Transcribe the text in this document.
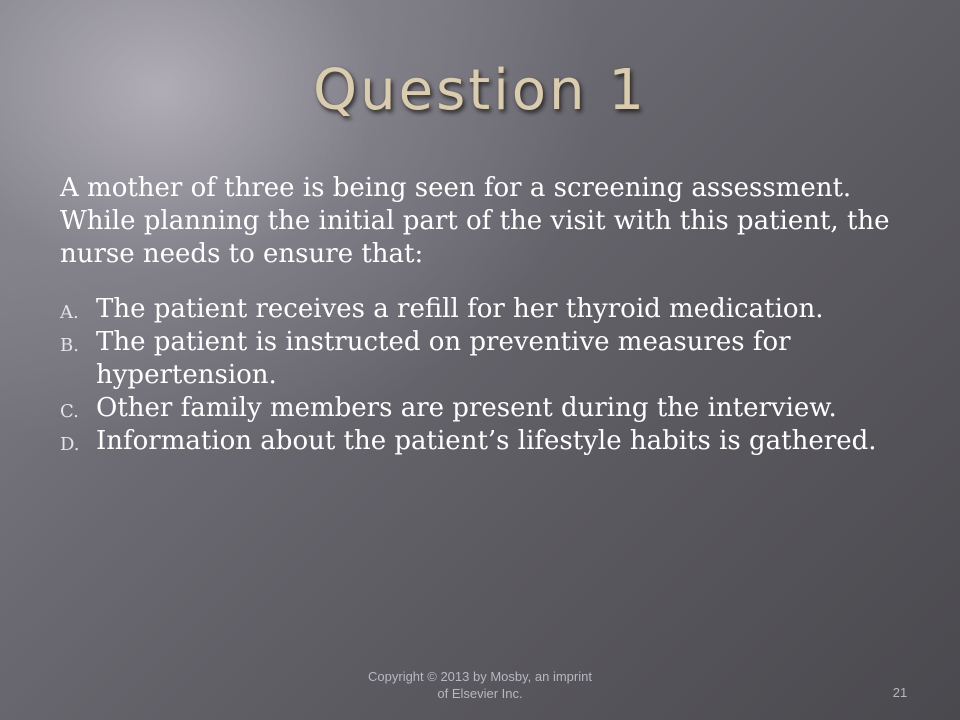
Question 1

A mother of three is being seen for a screening assessment. While planning the initial part of the visit with this patient, the nurse needs to ensure that:

A. The patient receives a refill for her thyroid medication.
B. The patient is instructed on preventive measures for hypertension.
C. Other family members are present during the interview.
D. Information about the patient’s lifestyle habits is gathered.
Copyright © 2013 by Mosby, an imprint
of Elsevier Inc.	21
